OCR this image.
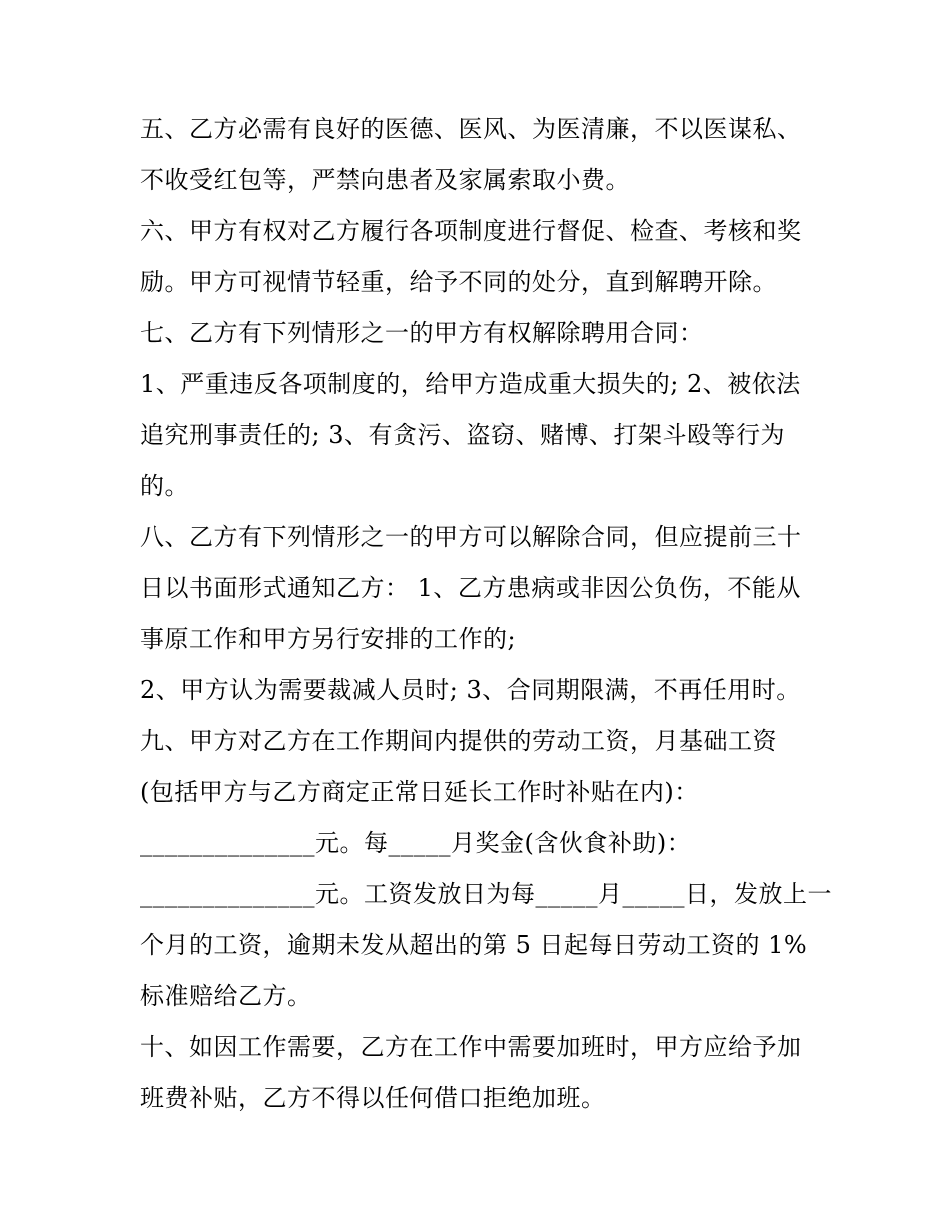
五、乙方必需有良好的医德、医风、为医清廉，不以医谋私、
不收受红包等，严禁向患者及家属索取小费。
六、甲方有权对乙方履行各项制度进行督促、检查、考核和奖
励。甲方可视情节轻重，给予不同的处分，直到解聘开除。
七、乙方有下列情形之一的甲方有权解除聘用合同：
1、严重违反各项制度的，给甲方造成重大损失的; 2、被依法
追究刑事责任的; 3、有贪污、盗窃、赌博、打架斗殴等行为
的。
八、乙方有下列情形之一的甲方可以解除合同，但应提前三十
日以书面形式通知乙方： 1、乙方患病或非因公负伤，不能从
事原工作和甲方另行安排的工作的;
2、甲方认为需要裁减人员时; 3、合同期限满，不再任用时。
九、甲方对乙方在工作期间内提供的劳动工资，月基础工资
(包括甲方与乙方商定正常日延长工作时补贴在内)：
______________元。每_____月奖金(含伙食补助)：
______________元。工资发放日为每_____月_____日，发放上一
个月的工资，逾期未发从超出的第 5 日起每日劳动工资的 1%
标准赔给乙方。
十、如因工作需要，乙方在工作中需要加班时，甲方应给予加
班费补贴，乙方不得以任何借口拒绝加班。
